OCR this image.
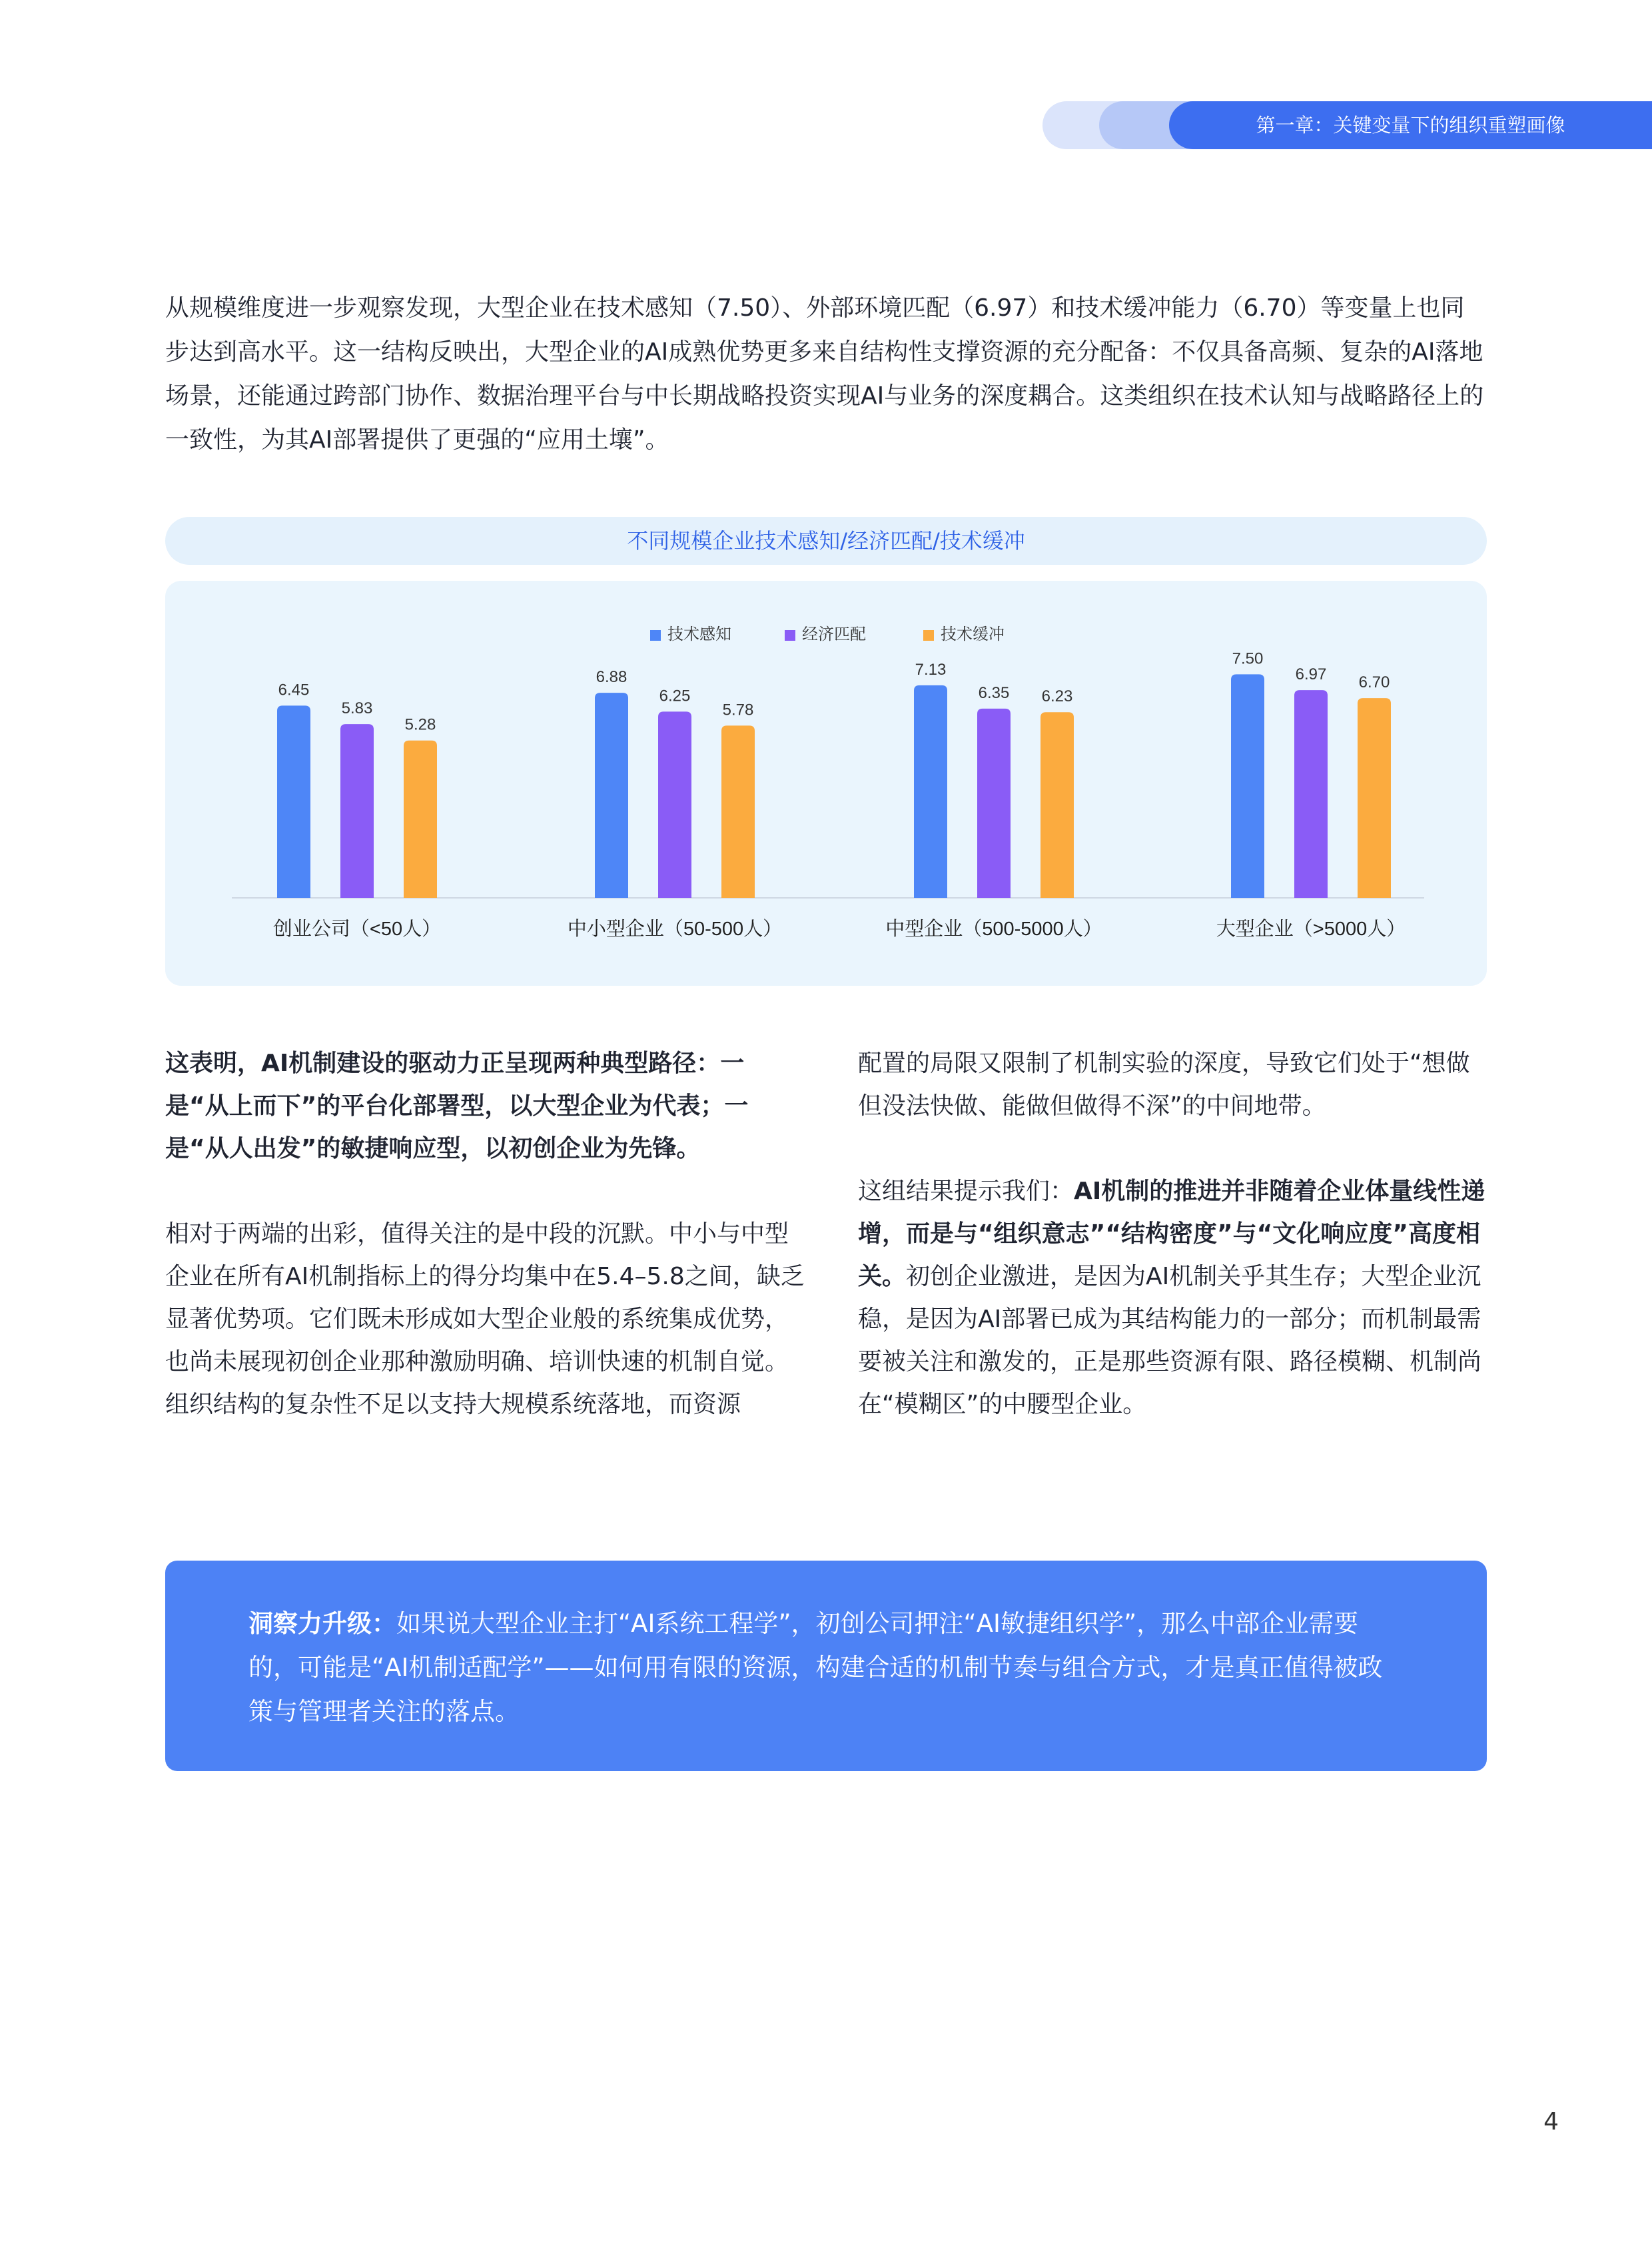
第一章：关键变量下的组织重塑画像

从规模维度进一步观察发现，大型企业在技术感知（7.50）、外部环境匹配（6.97）和技术缓冲能力（6.70）等变量上也同步达到高水平。这一结构反映出，大型企业的AI成熟优势更多来自结构性支撑资源的充分配备：不仅具备高频、复杂的AI落地场景，还能通过跨部门协作、数据治理平台与中长期战略投资实现AI与业务的深度耦合。这类组织在技术认知与战略路径上的一致性，为其AI部署提供了更强的“应用土壤”。

不同规模企业技术感知/经济匹配/技术缓冲
技术感知	经济匹配	技术缓冲
6.45
5.83
5.28
创业公司（<50人）
6.88
6.25
5.78
中小型企业（50-500人）
7.13
6.35 6.23
中型企业（500-5000人）
7.50
6.97 6.70
大型企业（>5000人）

这表明，AI机制建设的驱动力正呈现两种典型路径：一是“从上而下”的平台化部署型，以大型企业为代表；一是“从人出发”的敏捷响应型，以初创企业为先锋。

相对于两端的出彩，值得关注的是中段的沉默。中小与中型企业在所有AI机制指标上的得分均集中在5.4–5.8之间，缺乏显著优势项。它们既未形成如大型企业般的系统集成优势，也尚未展现初创企业那种激励明确、培训快速的机制自觉。组织结构的复杂性不足以支持大规模系统落地，而资源

配置的局限又限制了机制实验的深度，导致它们处于“想做但没法快做、能做但做得不深”的中间地带。

这组结果提示我们：AI机制的推进并非随着企业体量线性递增，而是与“组织意志”“结构密度”与“文化响应度”高度相关。初创企业激进，是因为AI机制关乎其生存；大型企业沉稳，是因为AI部署已成为其结构能力的一部分；而机制最需要被关注和激发的，正是那些资源有限、路径模糊、机制尚在“模糊区”的中腰型企业。

洞察力升级：如果说大型企业主打“AI系统工程学”，初创公司押注“AI敏捷组织学”，那么中部企业需要的，可能是“AI机制适配学”——如何用有限的资源，构建合适的机制节奏与组合方式，才是真正值得被政策与管理者关注的落点。

4
